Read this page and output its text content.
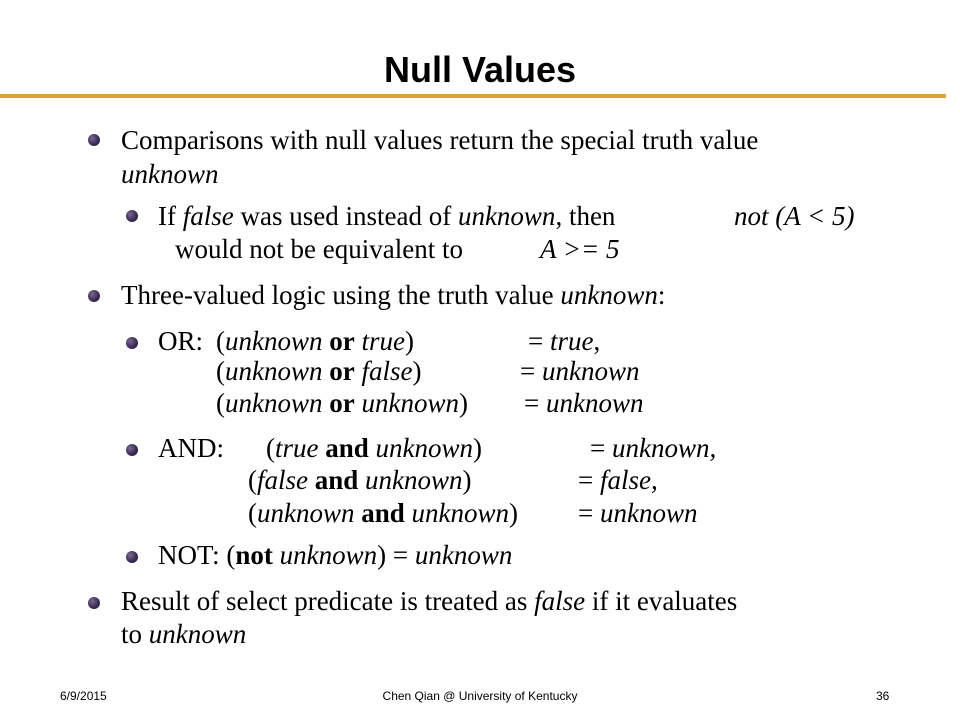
Null Values
Comparisons with null values return the special truth value
unknown
If false was used instead of unknown, then	not (A < 5)
would not be equivalent to	A >= 5
Three-valued logic using the truth value unknown:
OR: (unknown or true)	= true,
(unknown or false)	= unknown
(unknown or unknown) = unknown
AND: (true and unknown)	= unknown,
(false and unknown)	= false,
(unknown and unknown) = unknown
NOT: (not unknown) = unknown
Result of select predicate is treated as false if it evaluates
to unknown
6/9/2015	Chen Qian @ University of Kentucky	36
